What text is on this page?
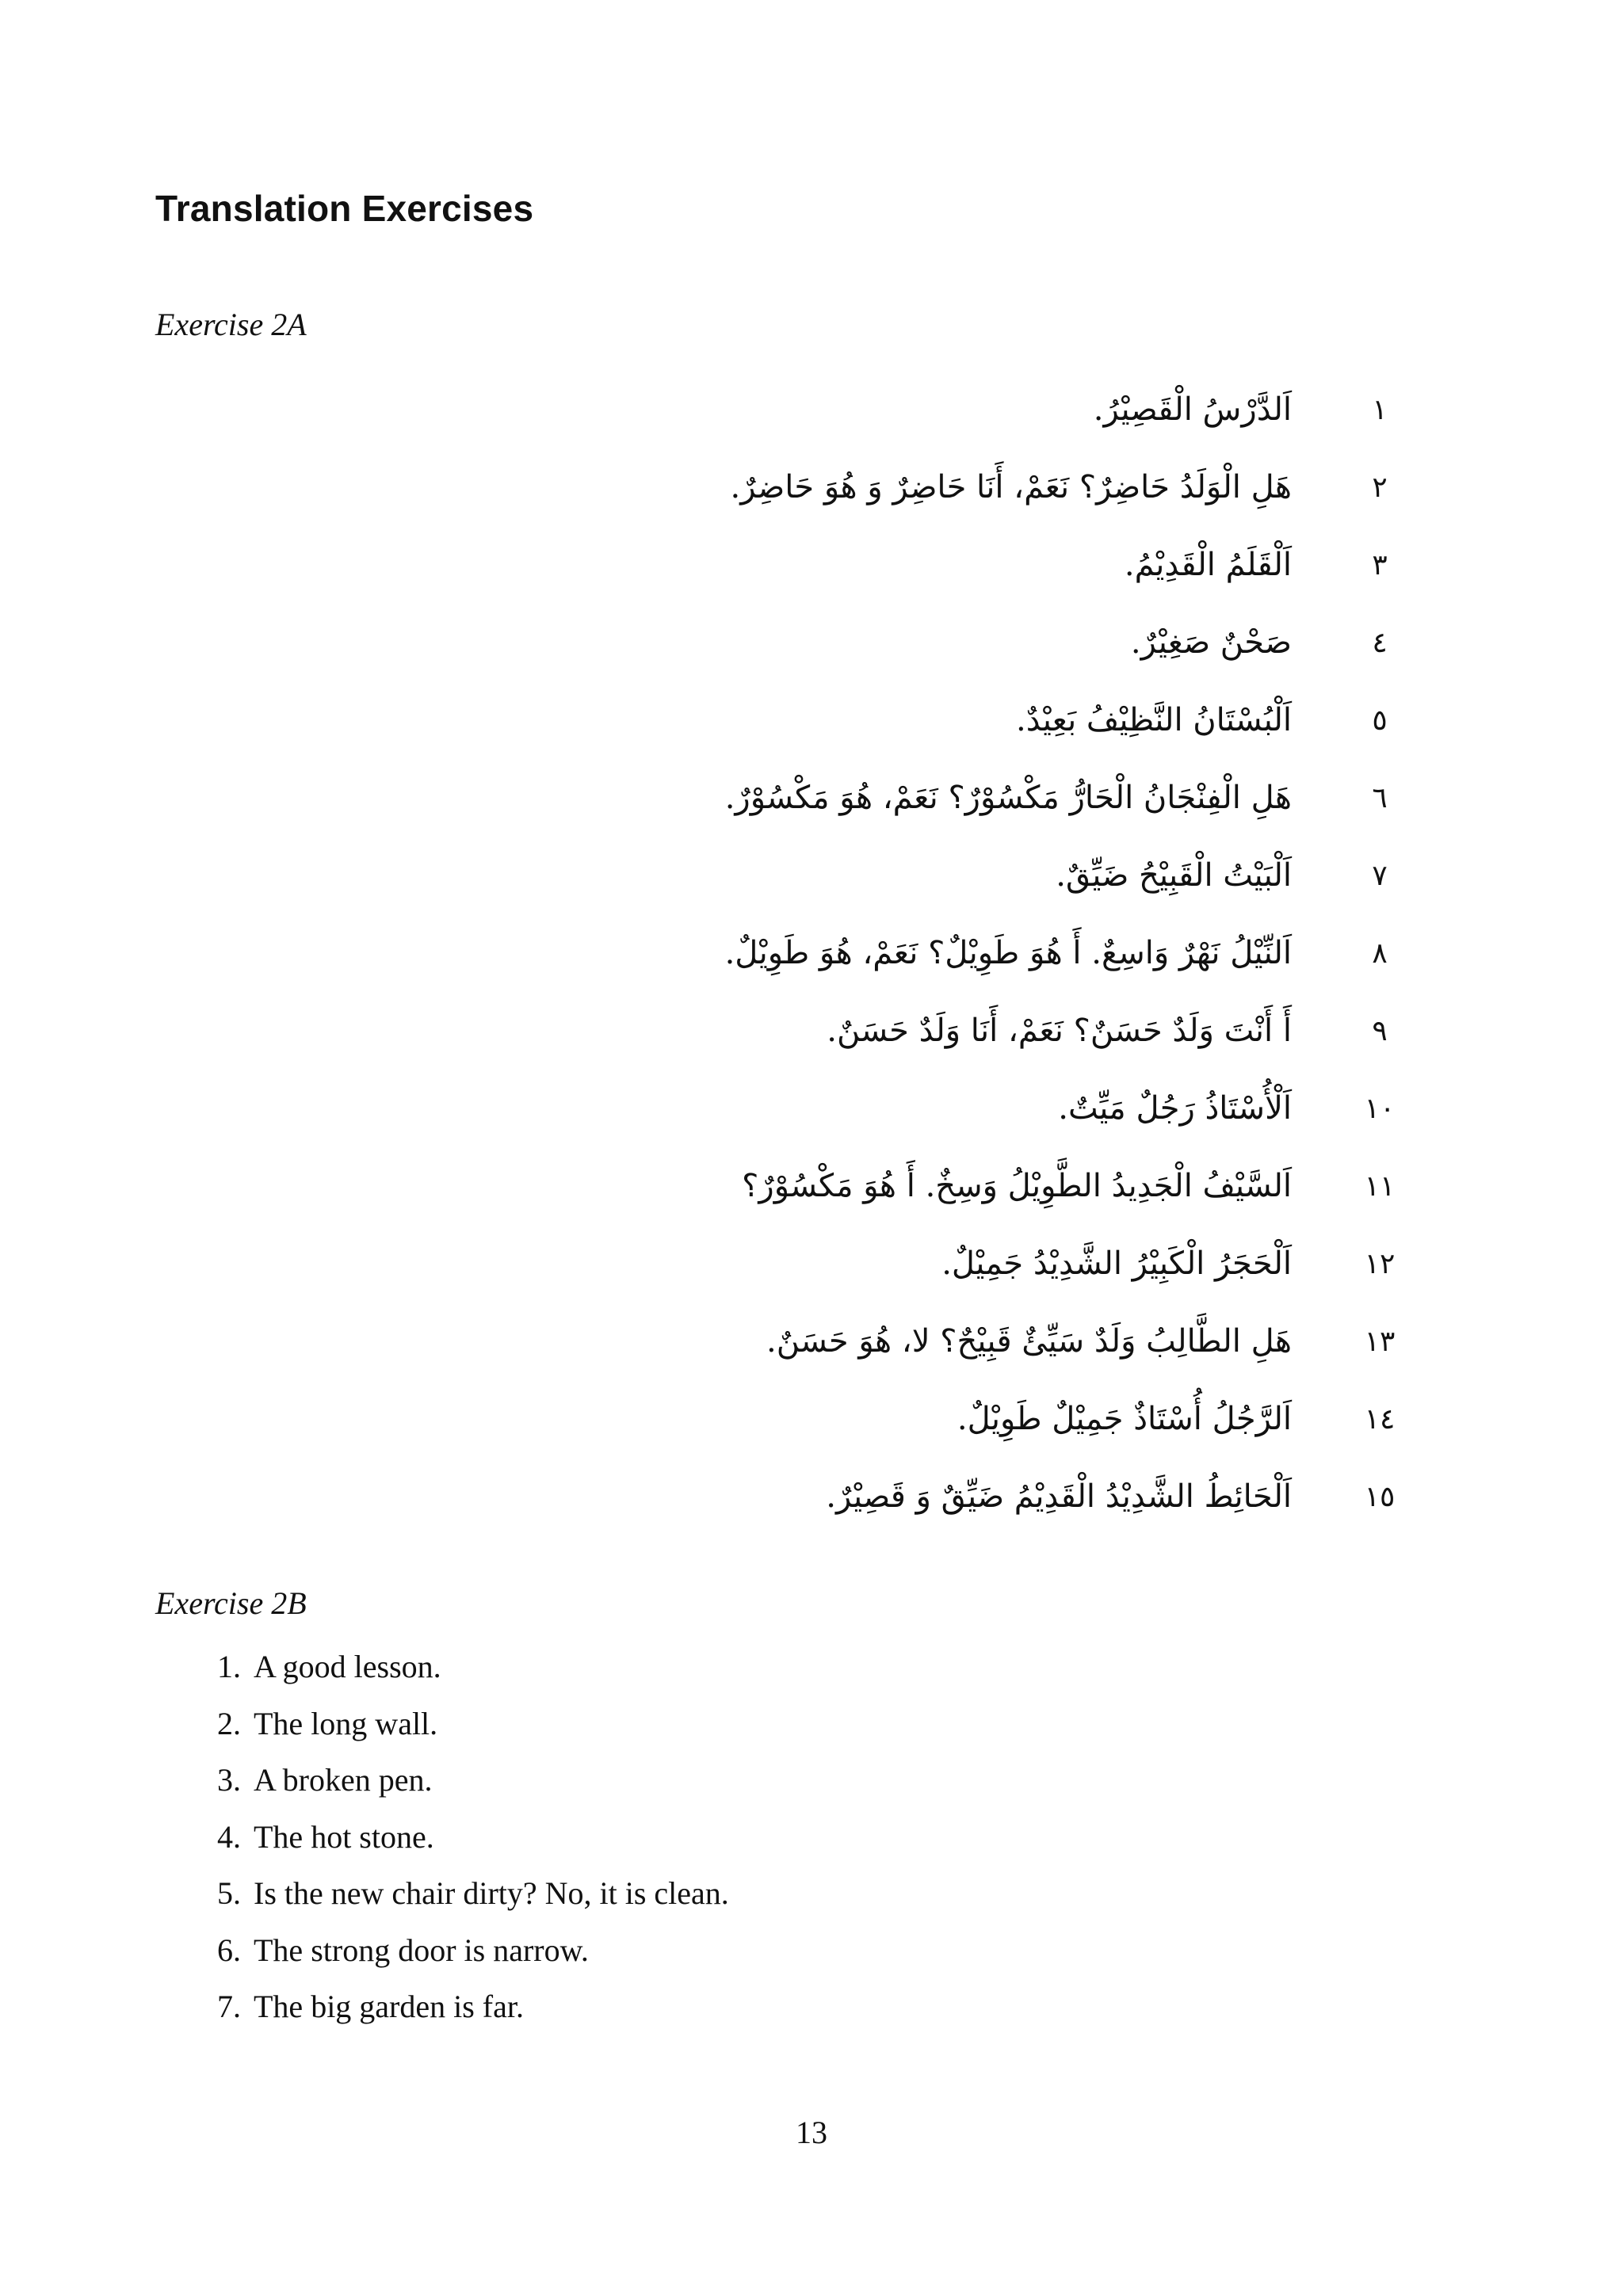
Translation Exercises
Exercise 2A
١
اَلدَّرْسُ الْقَصِيْرُ.
٢
هَلِ الْوَلَدُ حَاضِرٌ؟ نَعَمْ، أَنَا حَاضِرٌ وَ هُوَ حَاضِرٌ.
٣
اَلْقَلَمُ الْقَدِيْمُ.
٤
صَحْنٌ صَغِيْرٌ.
٥
اَلْبُسْتَانُ النَّظِيْفُ بَعِيْدٌ.
٦
هَلِ الْفِنْجَانُ الْحَارُّ مَكْسُوْرٌ؟ نَعَمْ، هُوَ مَكْسُوْرٌ.
٧
اَلْبَيْتُ الْقَبِيْحُ ضَيِّقٌ.
٨
اَلنِّيْلُ نَهْرٌ وَاسِعٌ. أَ هُوَ طَوِيْلٌ؟ نَعَمْ، هُوَ طَوِيْلٌ.
٩
أَ أَنْتَ وَلَدٌ حَسَنٌ؟ نَعَمْ، أَنَا وَلَدٌ حَسَنٌ.
١٠
اَلْأُسْتَاذُ رَجُلٌ مَيِّتٌ.
١١
اَلسَّيْفُ الْجَدِيدُ الطَّوِيْلُ وَسِخٌ. أَ هُوَ مَكْسُوْرٌ؟
١٢
اَلْحَجَرُ الْكَبِيْرُ الشَّدِيْدُ جَمِيْلٌ.
١٣
هَلِ الطَّالِبُ وَلَدٌ سَيِّئٌ قَبِيْحٌ؟ لا، هُوَ حَسَنٌ.
١٤
اَلرَّجُلُ أُسْتَاذٌ جَمِيْلٌ طَوِيْلٌ.
١٥
اَلْحَائِطُ الشَّدِيْدُ الْقَدِيْمُ ضَيِّقٌ وَ قَصِيْرٌ.
Exercise 2B
1. A good lesson.
2. The long wall.
3. A broken pen.
4. The hot stone.
5. Is the new chair dirty? No, it is clean.
6. The strong door is narrow.
7. The big garden is far.
13
